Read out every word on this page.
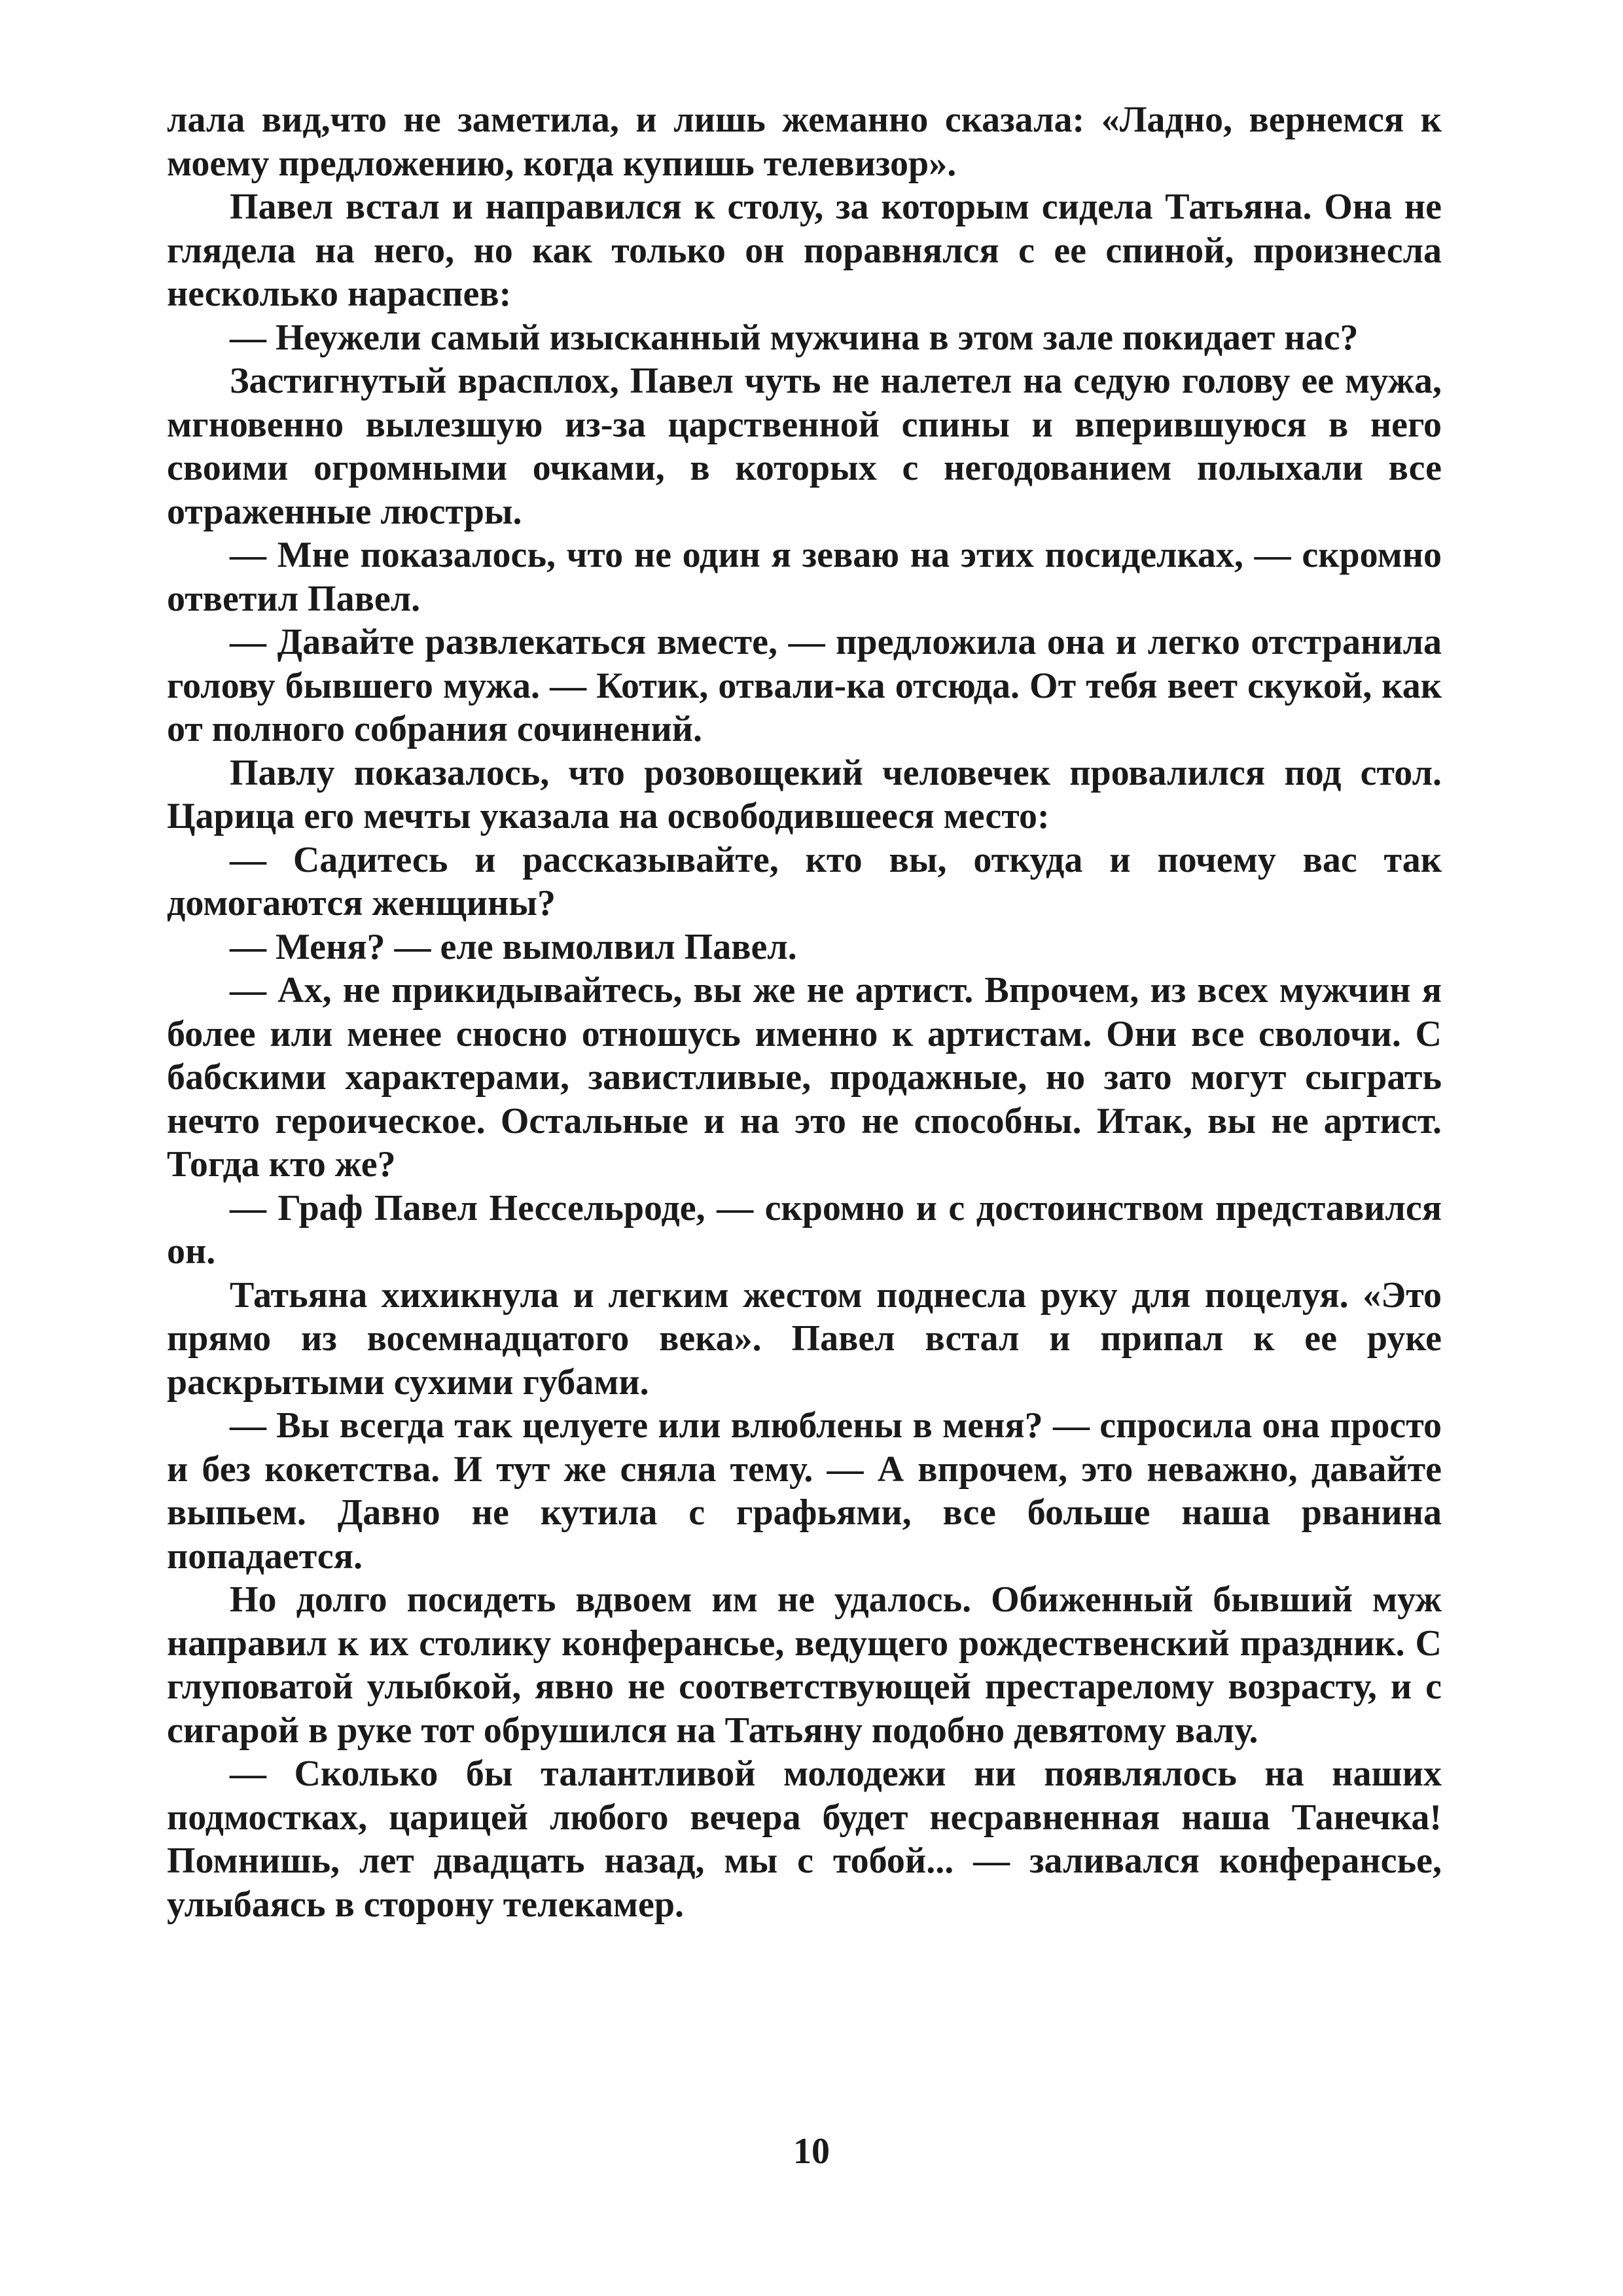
лала вид,что не заметила, и лишь жеманно сказала: «Ладно, вернемся к моему предложению, когда купишь телевизор».

Павел встал и направился к столу, за которым сидела Татьяна. Она не глядела на него, но как только он поравнялся с ее спиной, произнесла несколько нараспев:

— Неужели самый изысканный мужчина в этом зале покидает нас?

Застигнутый врасплох, Павел чуть не налетел на седую голову ее мужа, мгновенно вылезшую из-за царственной спины и вперившуюся в него своими огромными очками, в которых с негодованием полыхали все отраженные люстры.

— Мне показалось, что не один я зеваю на этих посиделках, — скромно ответил Павел.

— Давайте развлекаться вместе, — предложила она и легко отстранила голову бывшего мужа. — Котик, отвали-ка отсюда. От тебя веет скукой, как от полного собрания сочинений.

Павлу показалось, что розовощекий человечек провалился под стол. Царица его мечты указала на освободившееся место:

— Садитесь и рассказывайте, кто вы, откуда и почему вас так домогаются женщины?

— Меня? — еле вымолвил Павел.

— Ах, не прикидывайтесь, вы же не артист. Впрочем, из всех мужчин я более или менее сносно отношусь именно к артистам. Они все сволочи. С бабскими характерами, завистливые, продажные, но зато могут сыграть нечто героическое. Остальные и на это не способны. Итак, вы не артист. Тогда кто же?

— Граф Павел Нессельроде, — скромно и с достоинством представился он.

Татьяна хихикнула и легким жестом поднесла руку для поцелуя. «Это прямо из восемнадцатого века». Павел встал и припал к ее руке раскрытыми сухими губами.

— Вы всегда так целуете или влюблены в меня? — спросила она просто и без кокетства. И тут же сняла тему. — А впрочем, это неважно, давайте выпьем. Давно не кутила с графьями, все больше наша рванина попадается.

Но долго посидеть вдвоем им не удалось. Обиженный бывший муж направил к их столику конферансье, ведущего рождественский праздник. С глуповатой улыбкой, явно не соответствующей престарелому возрасту, и с сигарой в руке тот обрушился на Татьяну подобно девятому валу.

— Сколько бы талантливой молодежи ни появлялось на наших подмостках, царицей любого вечера будет несравненная наша Танечка! Помнишь, лет двадцать назад, мы с тобой... — заливался конферансье, улыбаясь в сторону телекамер.

10
